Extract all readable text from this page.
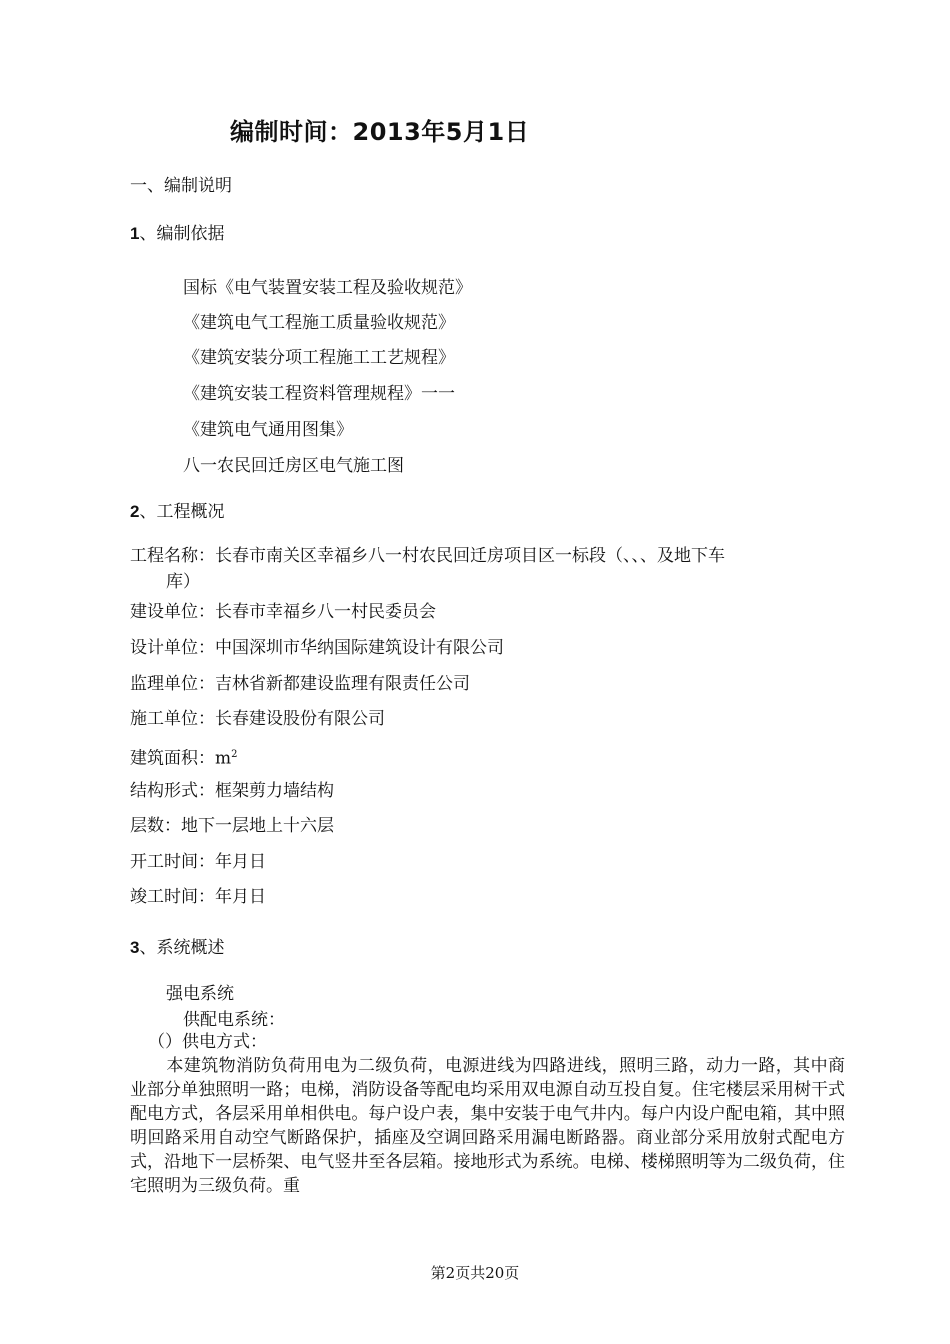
编制时间：2013年5月1日
一、编制说明
1、编制依据
国标《电气装置安装工程及验收规范》
《建筑电气工程施工质量验收规范》
《建筑安装分项工程施工工艺规程》
《建筑安装工程资料管理规程》一一
《建筑电气通用图集》
八一农民回迁房区电气施工图
2、工程概况
工程名称：长春市南关区幸福乡八一村农民回迁房项目区一标段（、、、及地下车
库）
建设单位：长春市幸福乡八一村民委员会
设计单位：中国深圳市华纳国际建筑设计有限公司
监理单位：吉林省新都建设监理有限责任公司
施工单位：长春建设股份有限公司
建筑面积：$m^2$
结构形式：框架剪力墙结构
层数：地下一层地上十六层
开工时间：年月日
竣工时间：年月日
3、系统概述
强电系统
供配电系统：
（）供电方式：
本建筑物消防负荷用电为二级负荷，电源进线为四路进线，照明三路，动力一路，其中商业部分单独照明一路；电梯，消防设备等配电均采用双电源自动互投自复。住宅楼层采用树干式配电方式，各层采用单相供电。每户设户表，集中安装于电气井内。每户内设户配电箱，其中照明回路采用自动空气断路保护，插座及空调回路采用漏电断路器。商业部分采用放射式配电方式，沿地下一层桥架、电气竖井至各层箱。接地形式为系统。电梯、楼梯照明等为二级负荷，住宅照明为三级负荷。重
第2页共20页
